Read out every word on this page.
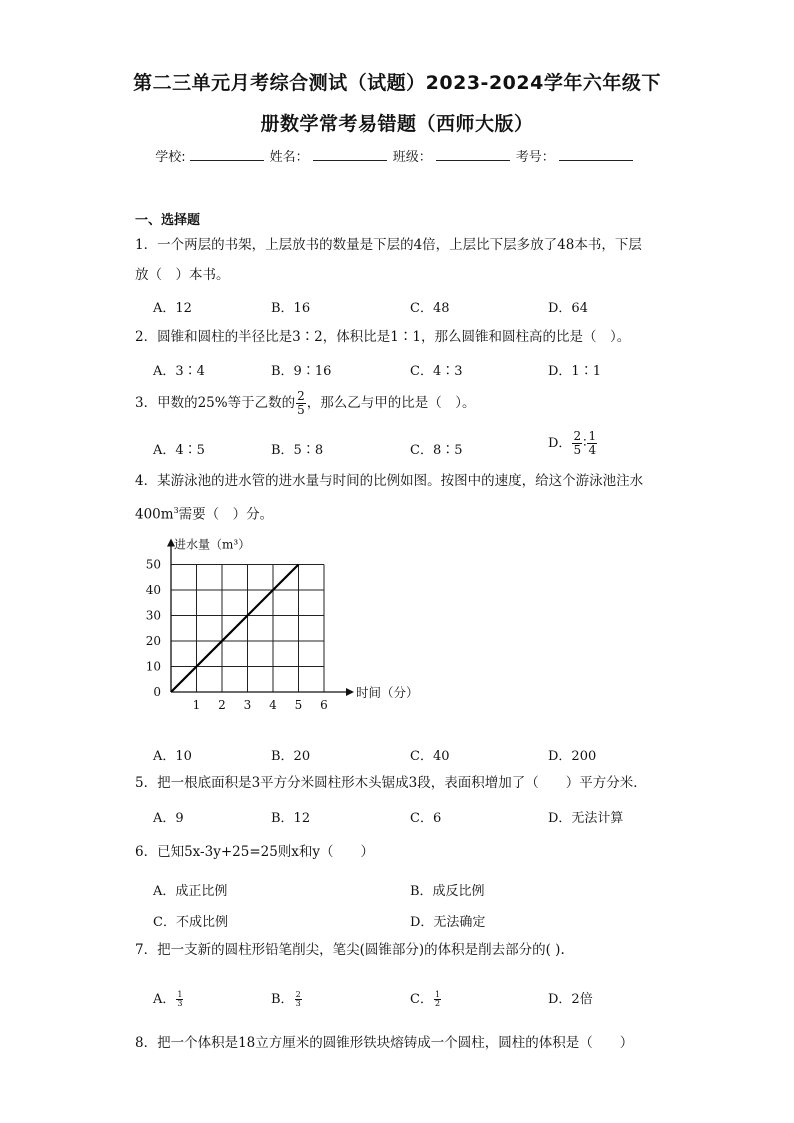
第二三单元月考综合测试（试题）2023-2024学年六年级下
册数学常考易错题（西师大版）
学校:	姓名：	班级：	考号：
一、选择题
1．一个两层的书架，上层放书的数量是下层的4倍，上层比下层多放了48本书，下层
放（　）本书。
A．12	B．16	C．48	D．64
2．圆锥和圆柱的半径比是3∶2，体积比是1∶1，那么圆锥和圆柱高的比是（　）。
A．3∶4	B．9∶16	C．4∶3	D．1∶1
3．甲数的25%等于乙数的 $\frac{2}{5}$ ，那么乙与甲的比是（　）。
A．4∶5	B．5∶8	C．8∶5	D． $\frac{2}{5}$ ∶ $\frac{1}{4}$
4．某游泳池的进水管的进水量与时间的比例如图。按图中的速度，给这个游泳池注水
$400m^3$需要（　）分。
1 2 3 4 5 6
0
10
20
30
40
50
进水量（m³）
时间（分）
A．10	B．20	C．40	D．200
5．把一根底面积是3平方分米圆柱形木头锯成3段，表面积增加了（　　）平方分米．
A．9	B．12	C．6	D．无法计算
6．已知5x-3y+25=25则x和y（　　）
A．成正比例	B．成反比例
C．不成比例	D．无法确定
7．把一支新的圆柱形铅笔削尖，笔尖(圆锥部分)的体积是削去部分的( ).
A． $\frac{1}{3}$	B． $\frac{2}{3}$	C． $\frac{1}{2}$	D．2倍
8．把一个体积是18立方厘米的圆锥形铁块熔铸成一个圆柱，圆柱的体积是（　　）
